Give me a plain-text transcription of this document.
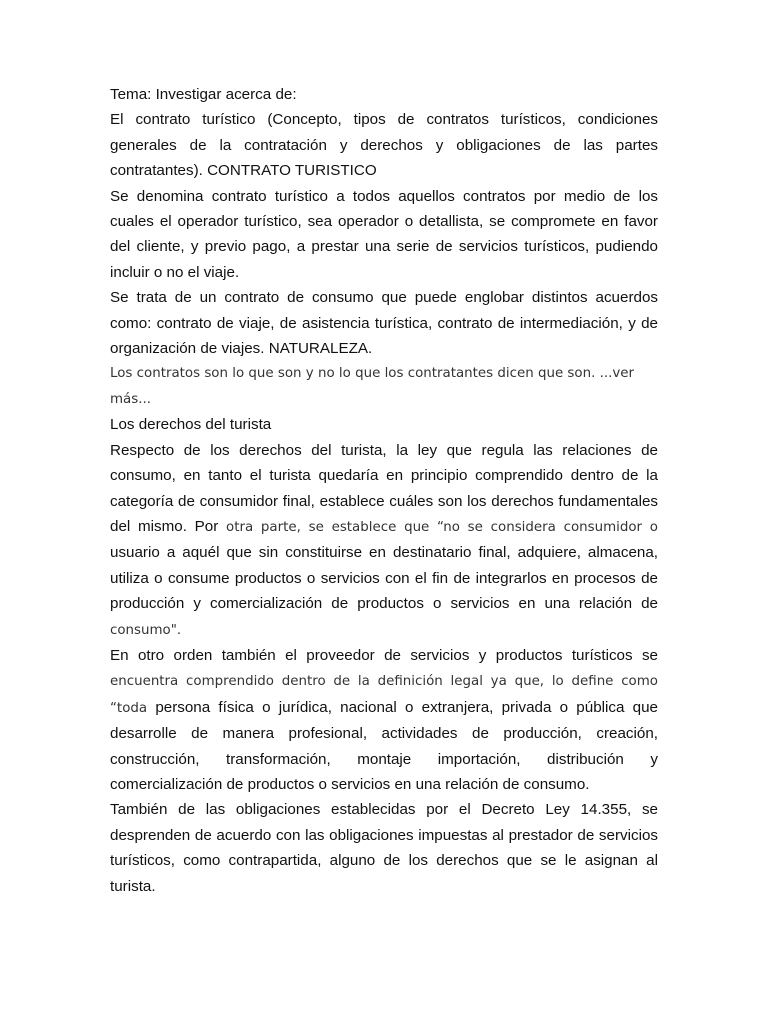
Tema: Investigar acerca de:

El contrato turístico (Concepto, tipos de contratos turísticos, condiciones generales de la contratación y derechos y obligaciones de las partes contratantes). CONTRATO TURISTICO

Se denomina contrato turístico a todos aquellos contratos por medio de los cuales el operador turístico, sea operador o detallista, se compromete en favor del cliente, y previo pago, a prestar una serie de servicios turísticos, pudiendo incluir o no el viaje.

Se trata de un contrato de consumo que puede englobar distintos acuerdos como: contrato de viaje, de asistencia turística, contrato de intermediación, y de organización de viajes. NATURALEZA.

Los contratos son lo que son y no lo que los contratantes dicen que son. ...ver más...

Los derechos del turista

Respecto de los derechos del turista, la ley que regula las relaciones de consumo, en tanto el turista quedaría en principio comprendido dentro de la categoría de consumidor final, establece cuáles son los derechos fundamentales del mismo. Por otra parte, se establece que “no se considera consumidor o usuario a aquél que sin constituirse en destinatario final, adquiere, almacena, utiliza o consume productos o servicios con el fin de integrarlos en procesos de producción y comercialización de productos o servicios en una relación de consumo".

En otro orden también el proveedor de servicios y productos turísticos se encuentra comprendido dentro de la definición legal ya que, lo define como “toda persona física o jurídica, nacional o extranjera, privada o pública que desarrolle de manera profesional, actividades de producción, creación, construcción, transformación, montaje importación, distribución y comercialización de productos o servicios en una relación de consumo.

También de las obligaciones establecidas por el Decreto Ley 14.355, se desprenden de acuerdo con las obligaciones impuestas al prestador de servicios turísticos, como contrapartida, alguno de los derechos que se le asignan al turista.
